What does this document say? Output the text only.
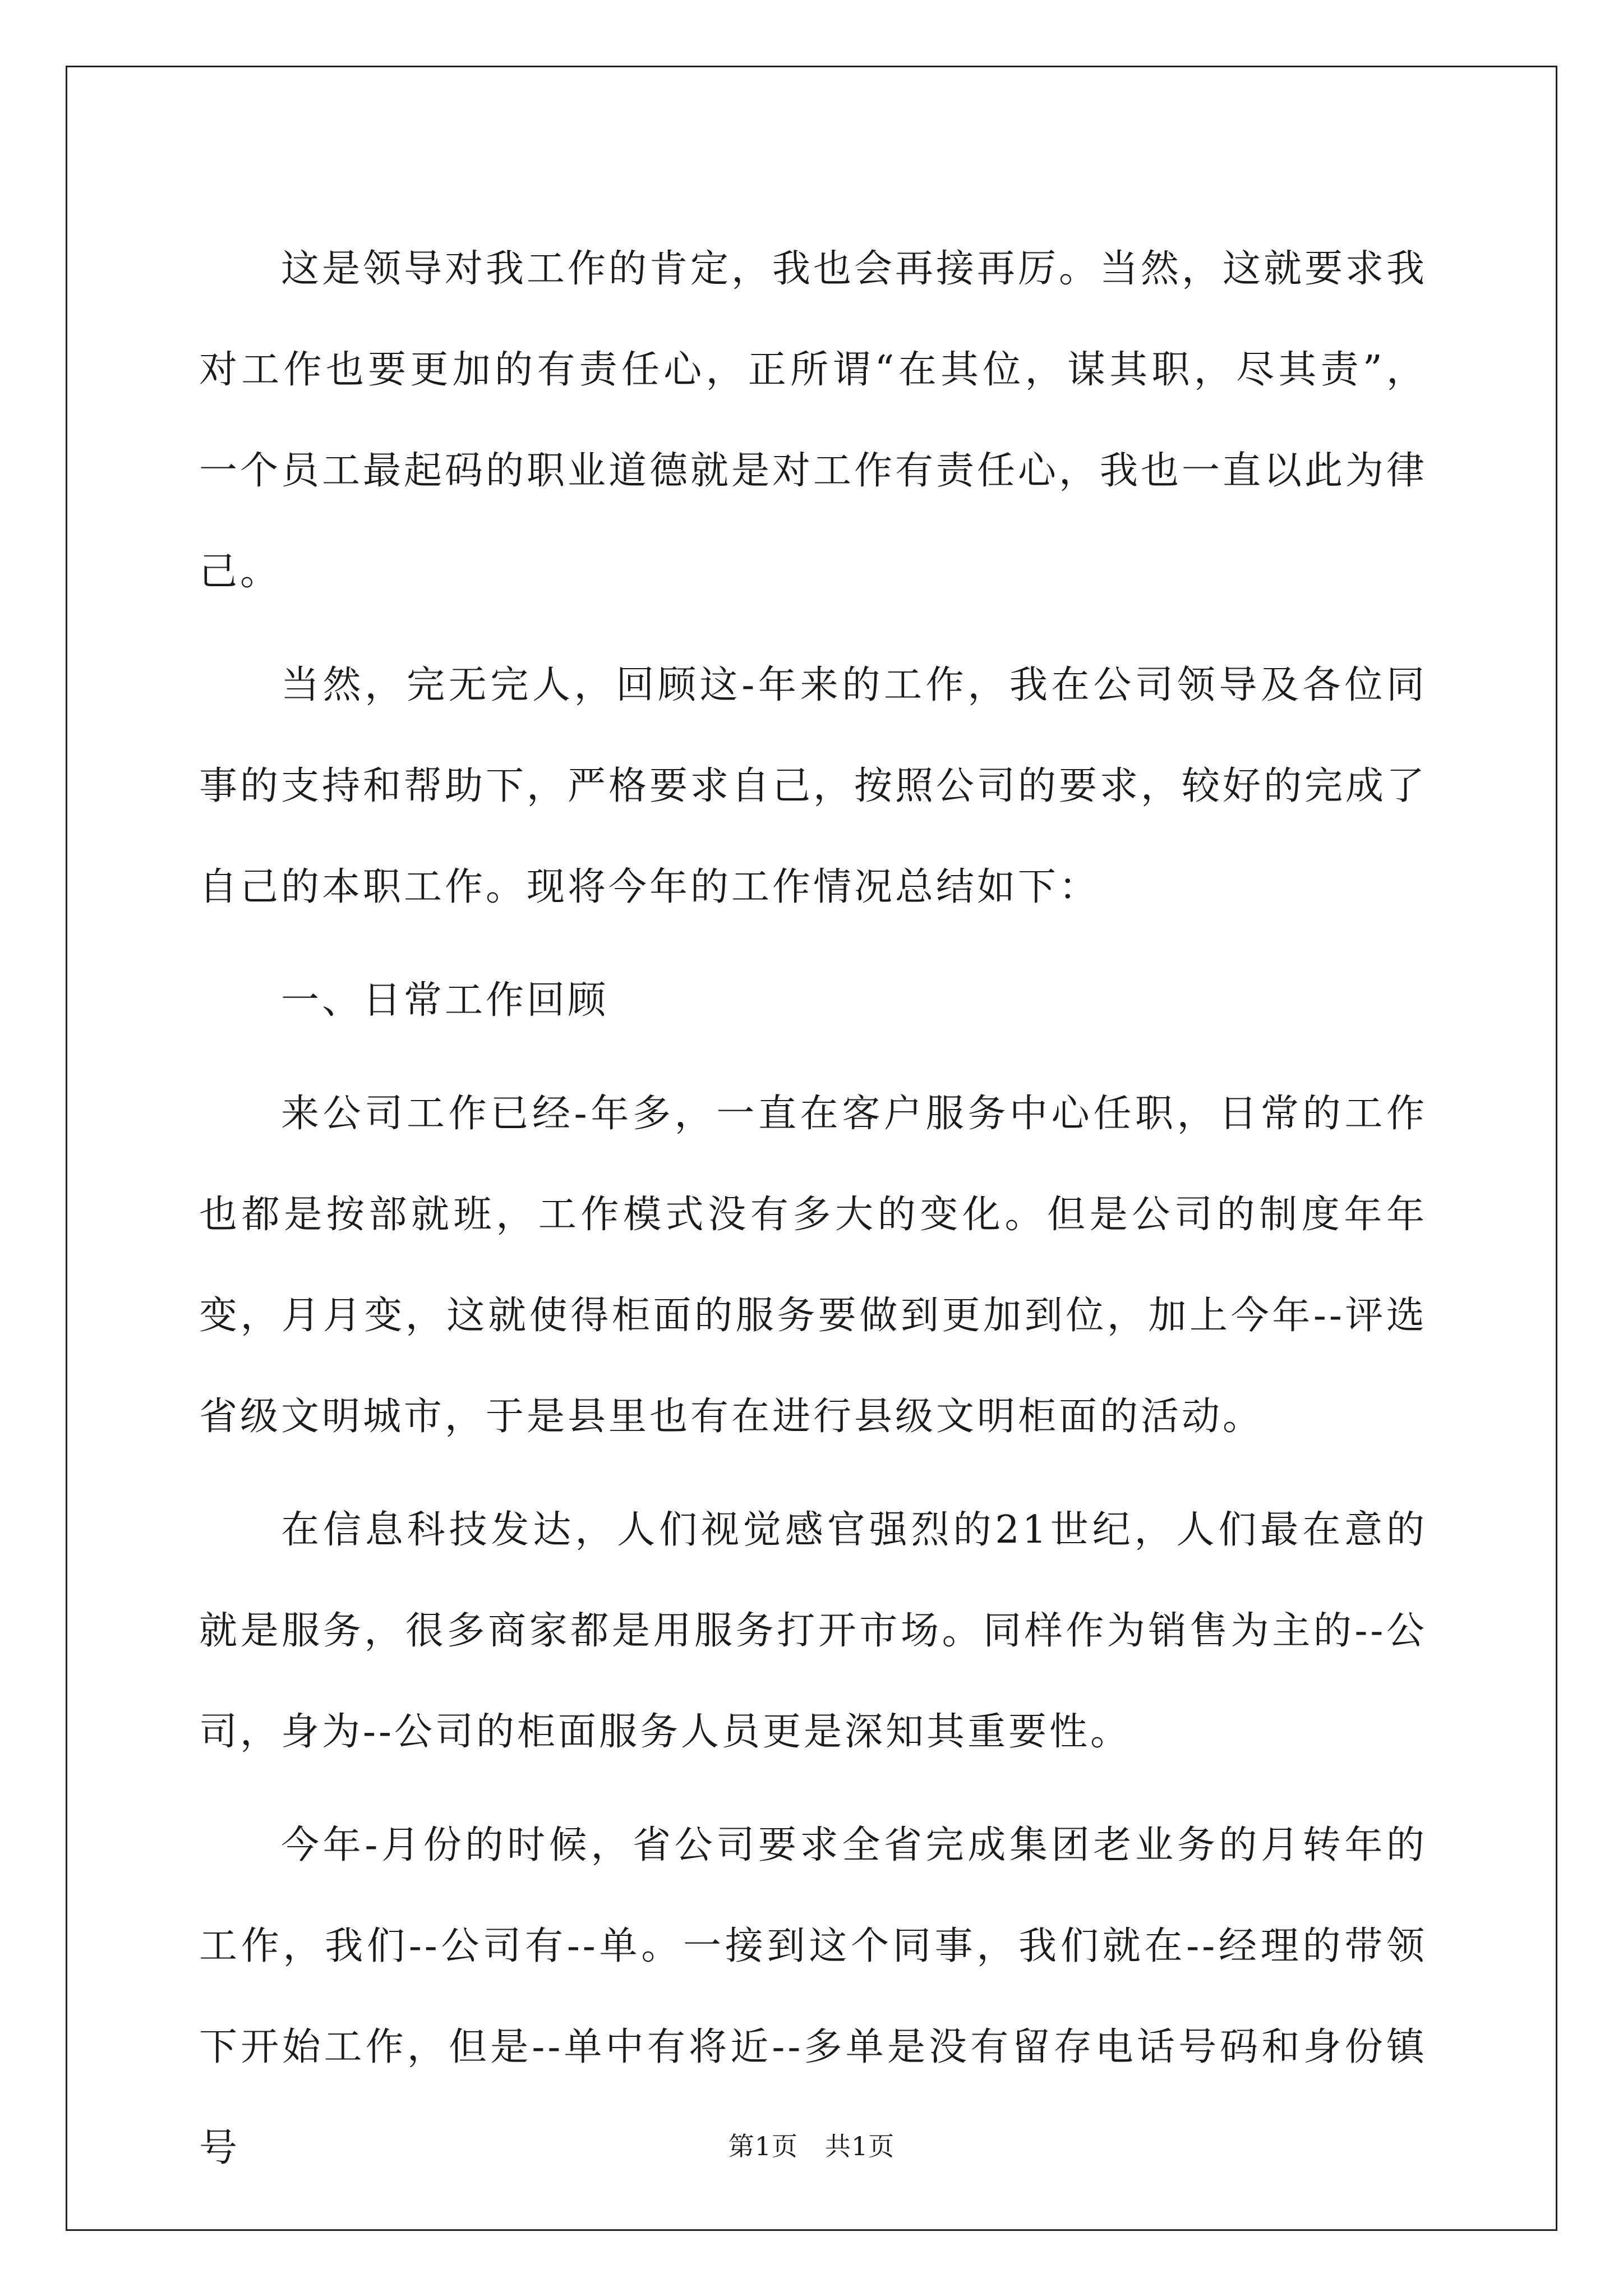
这是领导对我工作的肯定，我也会再接再厉。当然，这就要求我对工作也要更加的有责任心，正所谓“在其位，谋其职，尽其责”，一个员工最起码的职业道德就是对工作有责任心，我也一直以此为律己。

当然，完无完人，回顾这-年来的工作，我在公司领导及各位同事的支持和帮助下，严格要求自己，按照公司的要求，较好的完成了自己的本职工作。现将今年的工作情况总结如下：

一、日常工作回顾

来公司工作已经-年多，一直在客户服务中心任职，日常的工作也都是按部就班，工作模式没有多大的变化。但是公司的制度年年变，月月变，这就使得柜面的服务要做到更加到位，加上今年--评选省级文明城市，于是县里也有在进行县级文明柜面的活动。

在信息科技发达，人们视觉感官强烈的21世纪，人们最在意的就是服务，很多商家都是用服务打开市场。同样作为销售为主的--公司，身为--公司的柜面服务人员更是深知其重要性。

今年-月份的时候，省公司要求全省完成集团老业务的月转年的工作，我们--公司有--单。一接到这个同事，我们就在--经理的带领下开始工作，但是--单中有将近--多单是没有留存电话号码和身份镇号	第1页 共1页
